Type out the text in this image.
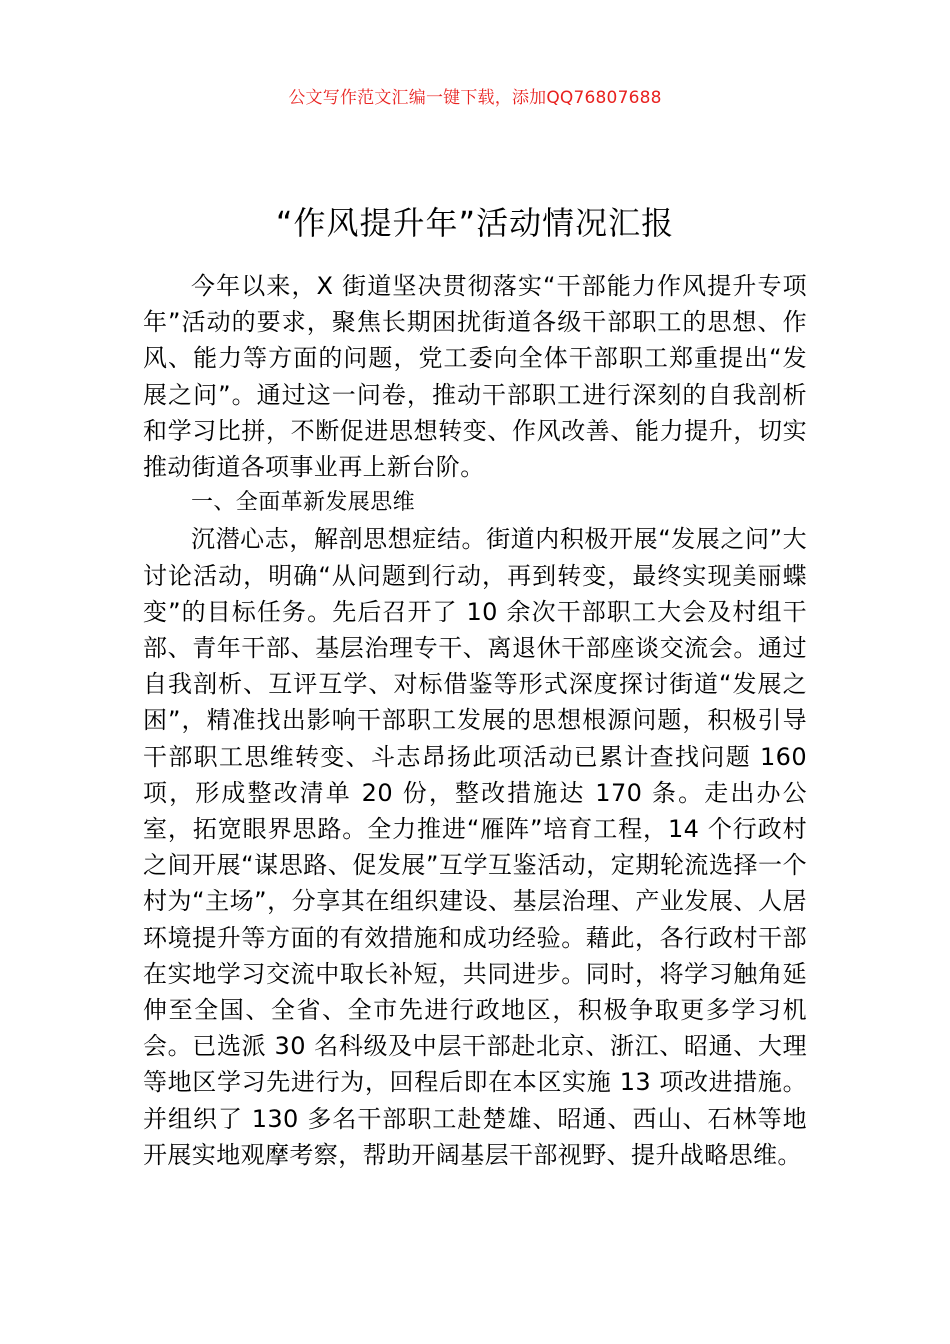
公文写作范文汇编一键下载，添加QQ76807688
“作风提升年”活动情况汇报

今年以来，X 街道坚决贯彻落实“干部能力作风提升专项年”活动的要求，聚焦长期困扰街道各级干部职工的思想、作风、能力等方面的问题，党工委向全体干部职工郑重提出“发展之问”。通过这一问卷，推动干部职工进行深刻的自我剖析和学习比拼，不断促进思想转变、作风改善、能力提升，切实推动街道各项事业再上新台阶。

一、全面革新发展思维

沉潜心志，解剖思想症结。街道内积极开展“发展之问”大讨论活动，明确“从问题到行动，再到转变，最终实现美丽蝶变”的目标任务。先后召开了 10 余次干部职工大会及村组干部、青年干部、基层治理专干、离退休干部座谈交流会。通过自我剖析、互评互学、对标借鉴等形式深度探讨街道“发展之困”，精准找出影响干部职工发展的思想根源问题，积极引导干部职工思维转变、斗志昂扬此项活动已累计查找问题 160 项，形成整改清单 20 份，整改措施达 170 条。走出办公室，拓宽眼界思路。全力推进“雁阵”培育工程，14 个行政村之间开展“谋思路、促发展”互学互鉴活动，定期轮流选择一个村为“主场”，分享其在组织建设、基层治理、产业发展、人居环境提升等方面的有效措施和成功经验。藉此，各行政村干部在实地学习交流中取长补短，共同进步。同时，将学习触角延伸至全国、全省、全市先进行政地区，积极争取更多学习机会。已选派 30 名科级及中层干部赴北京、浙江、昭通、大理等地区学习先进行为，回程后即在本区实施 13 项改进措施。并组织了 130 多名干部职工赴楚雄、昭通、西山、石林等地开展实地观摩考察，帮助开阔基层干部视野、提升战略思维。
